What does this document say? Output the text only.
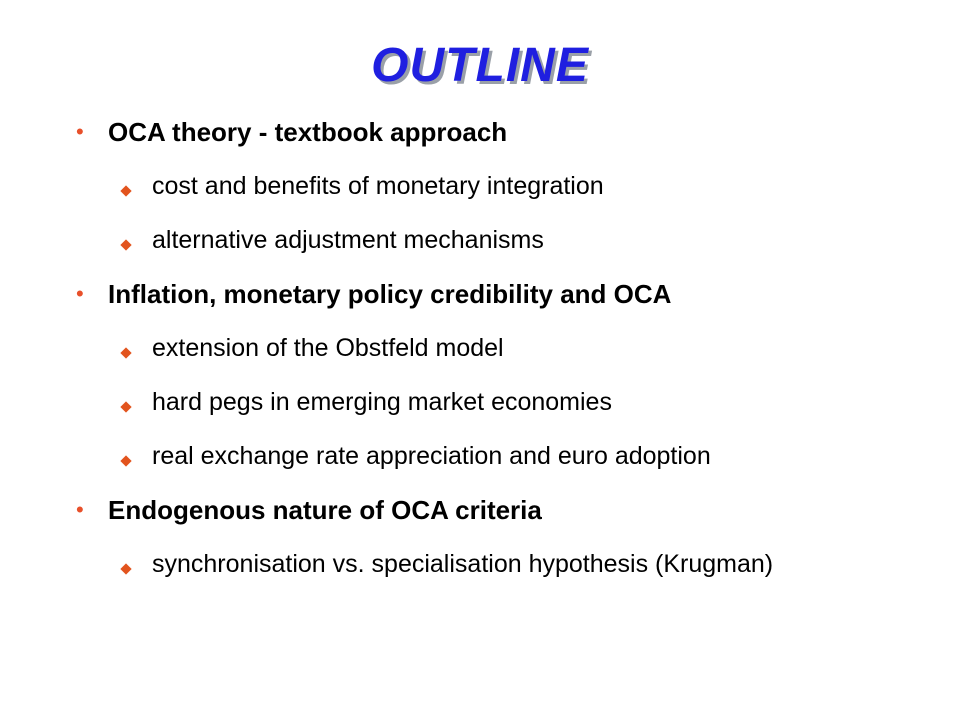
OUTLINE
• OCA theory - textbook approach
cost and benefits of monetary integration
alternative adjustment mechanisms
• Inflation, monetary policy credibility and OCA
extension of the Obstfeld model
hard pegs in emerging market economies
real exchange rate appreciation and euro adoption
• Endogenous nature of OCA criteria
synchronisation vs. specialisation hypothesis (Krugman)
